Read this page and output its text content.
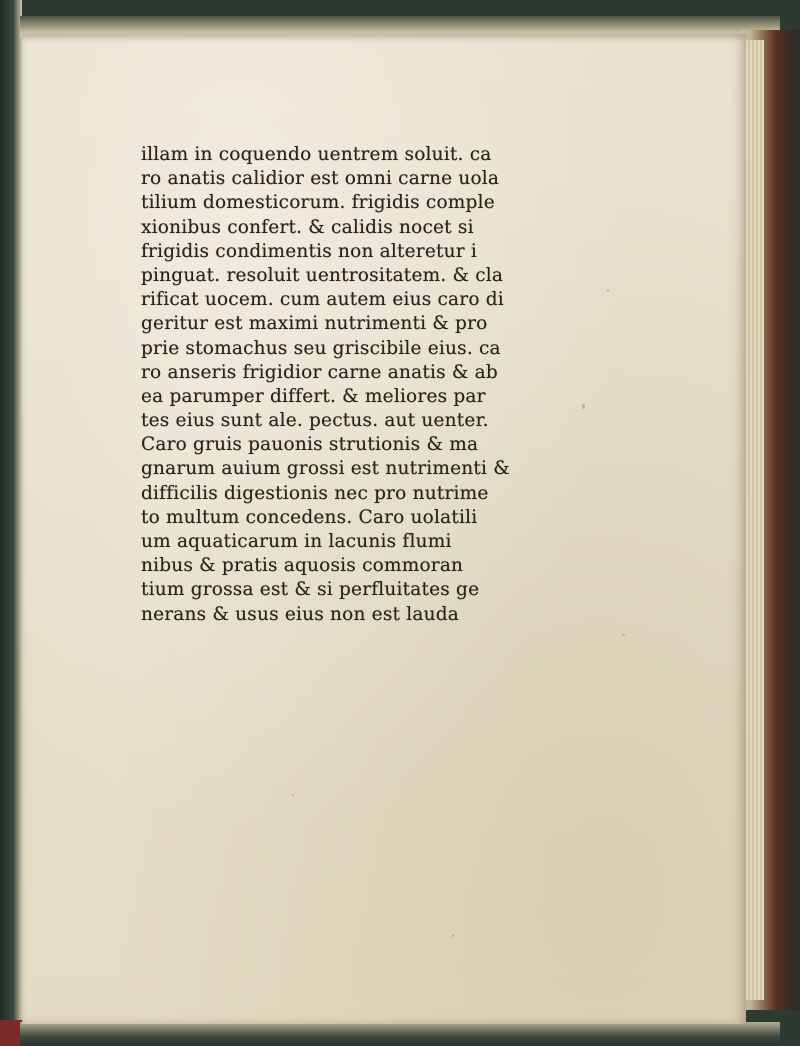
illam in coquendo uentrem soluit. ca
ro anatis calidior est omni carne uola
tilium domesticorum. frigidis comple
xionibus confert. & calidis nocet si
frigidis condimentis non alteretur i
pinguat. resoluit uentrositatem. & cla
rificat uocem. cum autem eius caro di
geritur est maximi nutrimenti & pro
prie stomachus seu griscibile eius. ca
ro anseris frigidior carne anatis & ab
ea parumper differt. & meliores par
tes eius sunt ale. pectus. aut uenter.
Caro gruis pauonis strutionis & ma
gnarum auium grossi est nutrimenti &
difficilis digestionis nec pro nutrime
to multum concedens. Caro uolatili
um aquaticarum in lacunis flumi
nibus & pratis aquosis commoran
tium grossa est & si perfluitates ge
nerans & usus eius non est lauda
